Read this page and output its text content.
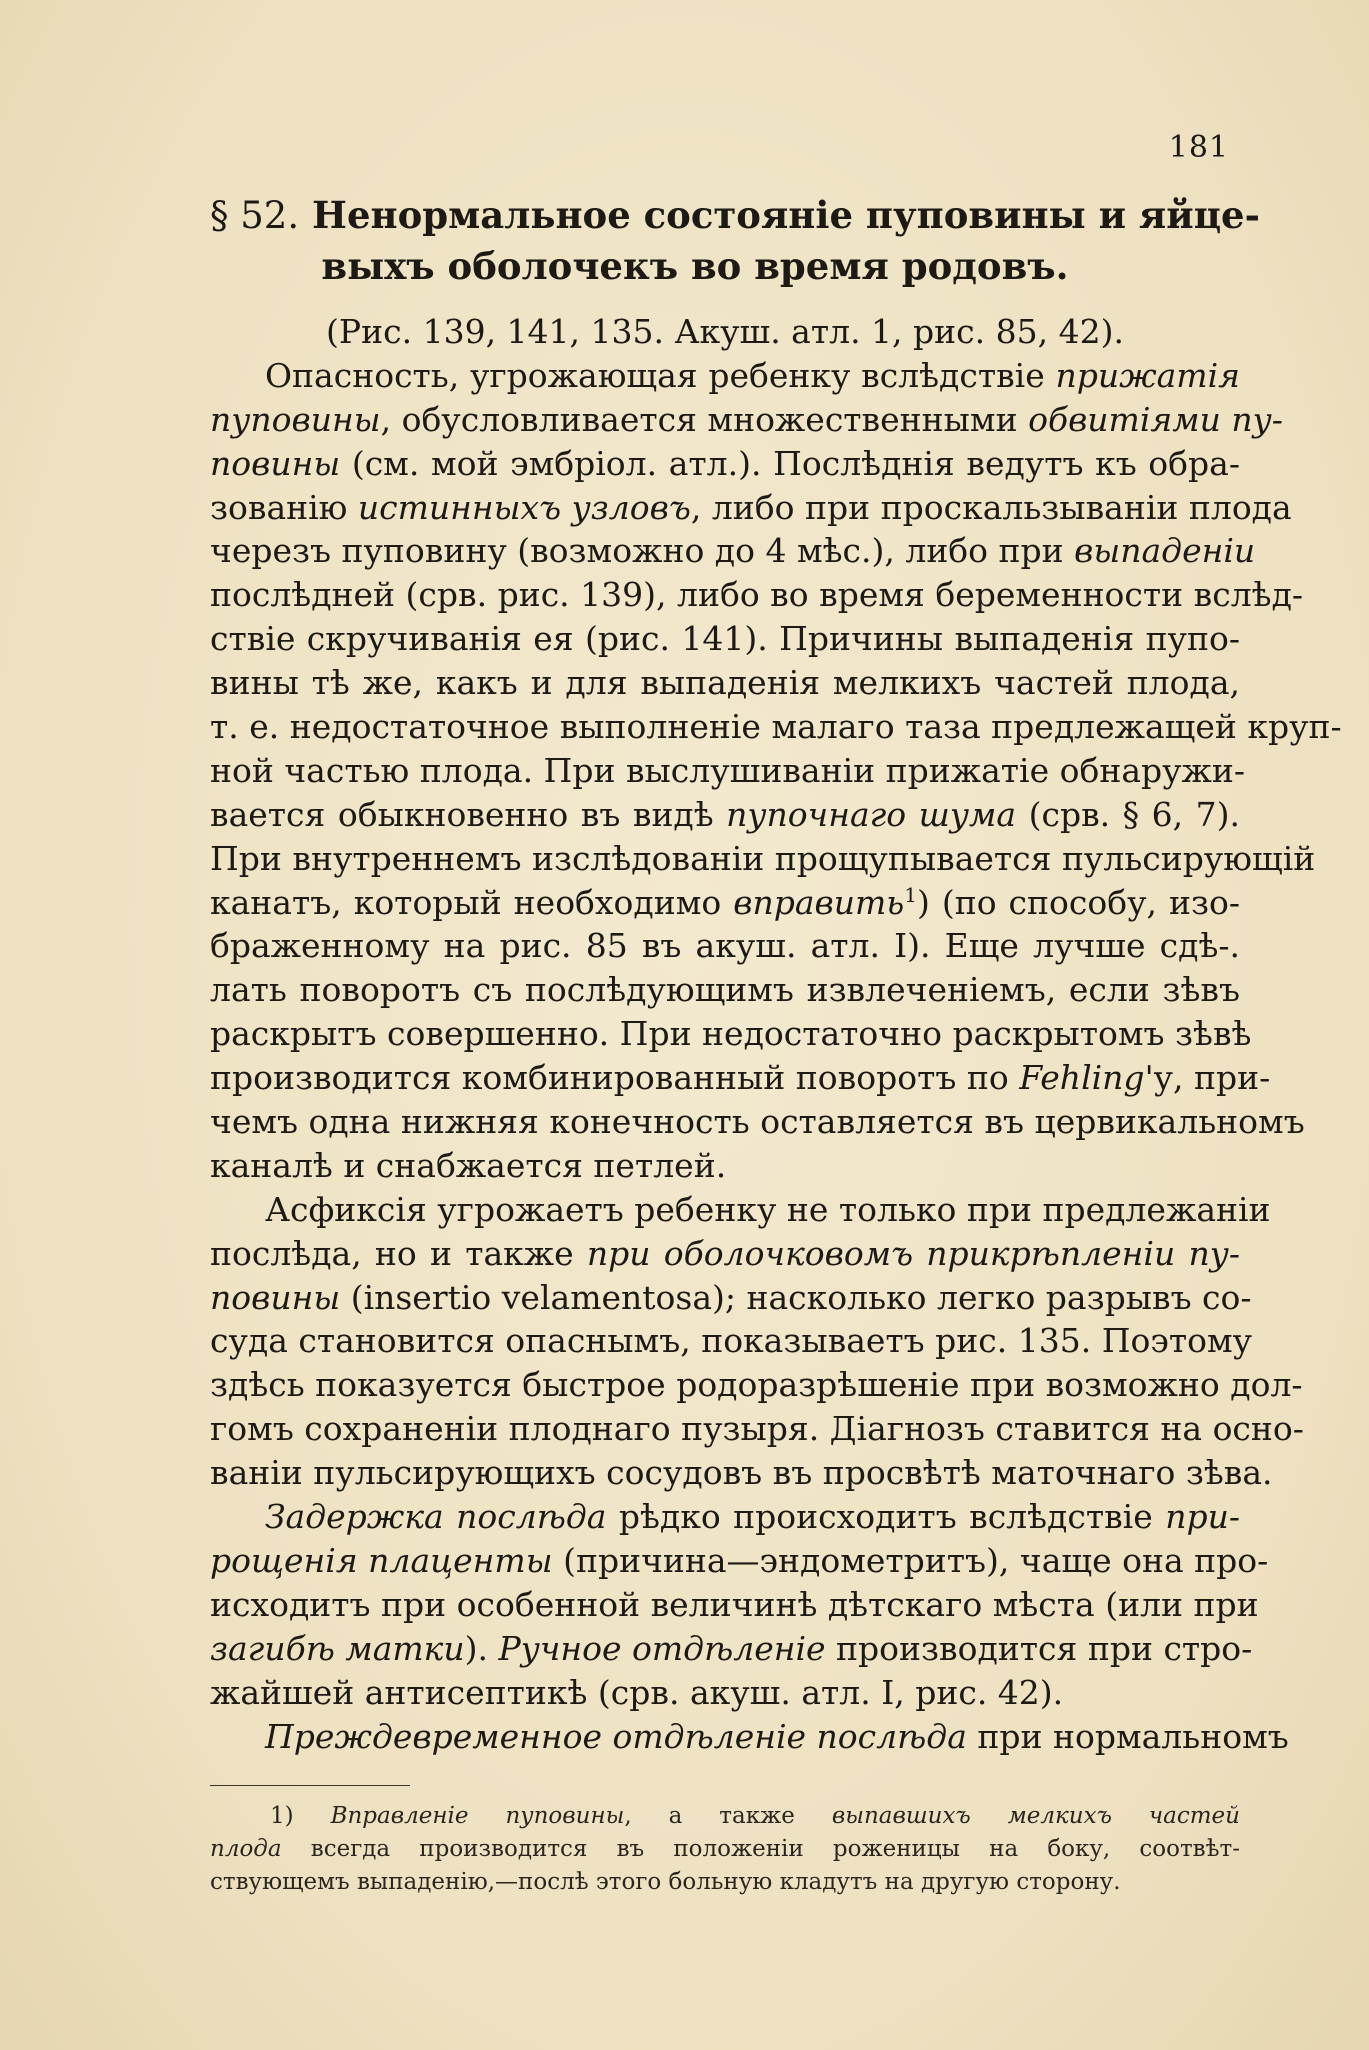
181
§ 52. Ненормальное состоянiе пуповины и яйце-
выхъ оболочекъ во время родовъ.
(Рис. 139, 141, 135. Акуш. атл. 1, рис. 85, 42).
Опасность, угрожающая ребенку вслѣдствiе прижатiя
пуповины, обусловливается множественными обвитiями пу-
повины (см. мой эмбрiол. атл.). Послѣднiя ведутъ къ обра-
зованiю истинныхъ узловъ, либо при проскальзыванiи плода
черезъ пуповину (возможно до 4 мѣс.), либо при выпаденiи
послѣдней (срв. рис. 139), либо во время беременности вслѣд-
ствiе скручиванiя ея (рис. 141). Причины выпаденiя пупо-
вины тѣ же, какъ и для выпаденiя мелкихъ частей плода,
т. е. недостаточное выполненiе малаго таза предлежащей круп-
ной частью плода. При выслушиванiи прижатiе обнаружи-
вается обыкновенно въ видѣ пупочнаго шума (срв. § 6, 7).
При внутреннемъ изслѣдованiи прощупывается пульсирующiй
канатъ, который необходимо вправить$^1$) (по способу, изо-
браженному на рис. 85 въ акуш. атл. I). Еще лучше сдѣ-.
лать поворотъ съ послѣдующимъ извлеченiемъ, если зѣвъ
раскрытъ совершенно. При недостаточно раскрытомъ зѣвѣ
производится комбинированный поворотъ по Fehling'у, при-
чемъ одна нижняя конечность оставляется въ цервикальномъ
каналѣ и снабжается петлей.
Асфиксiя угрожаетъ ребенку не только при предлежанiи
послѣда, но и также при оболочковомъ прикрѣпленiи пу-
повины (insertio velamentosa); насколько легко разрывъ со-
суда становится опаснымъ, показываетъ рис. 135. Поэтому
здѣсь показуется быстрое родоразрѣшенiе при возможно дол-
гомъ сохраненiи плоднаго пузыря. Дiагнозъ ставится на осно-
ванiи пульсирующихъ сосудовъ въ просвѣтѣ маточнаго зѣва.
Задержка послѣда рѣдко происходитъ вслѣдствiе при-
рощенiя плаценты (причина—эндометритъ), чаще она про-
исходитъ при особенной величинѣ дѣтскаго мѣста (или при
загибѣ матки). Ручное отдѣленiе производится при стро-
жайшей антисептикѣ (срв. акуш. атл. I, рис. 42).
Преждевременное отдѣленiе послѣда при нормальномъ
1) Вправленiе пуповины, а также выпавшихъ мелкихъ частей
плода всегда производится въ положенiи роженицы на боку, соотвѣт-
ствующемъ выпаденiю,—послѣ этого больную кладутъ на другую сторону.
